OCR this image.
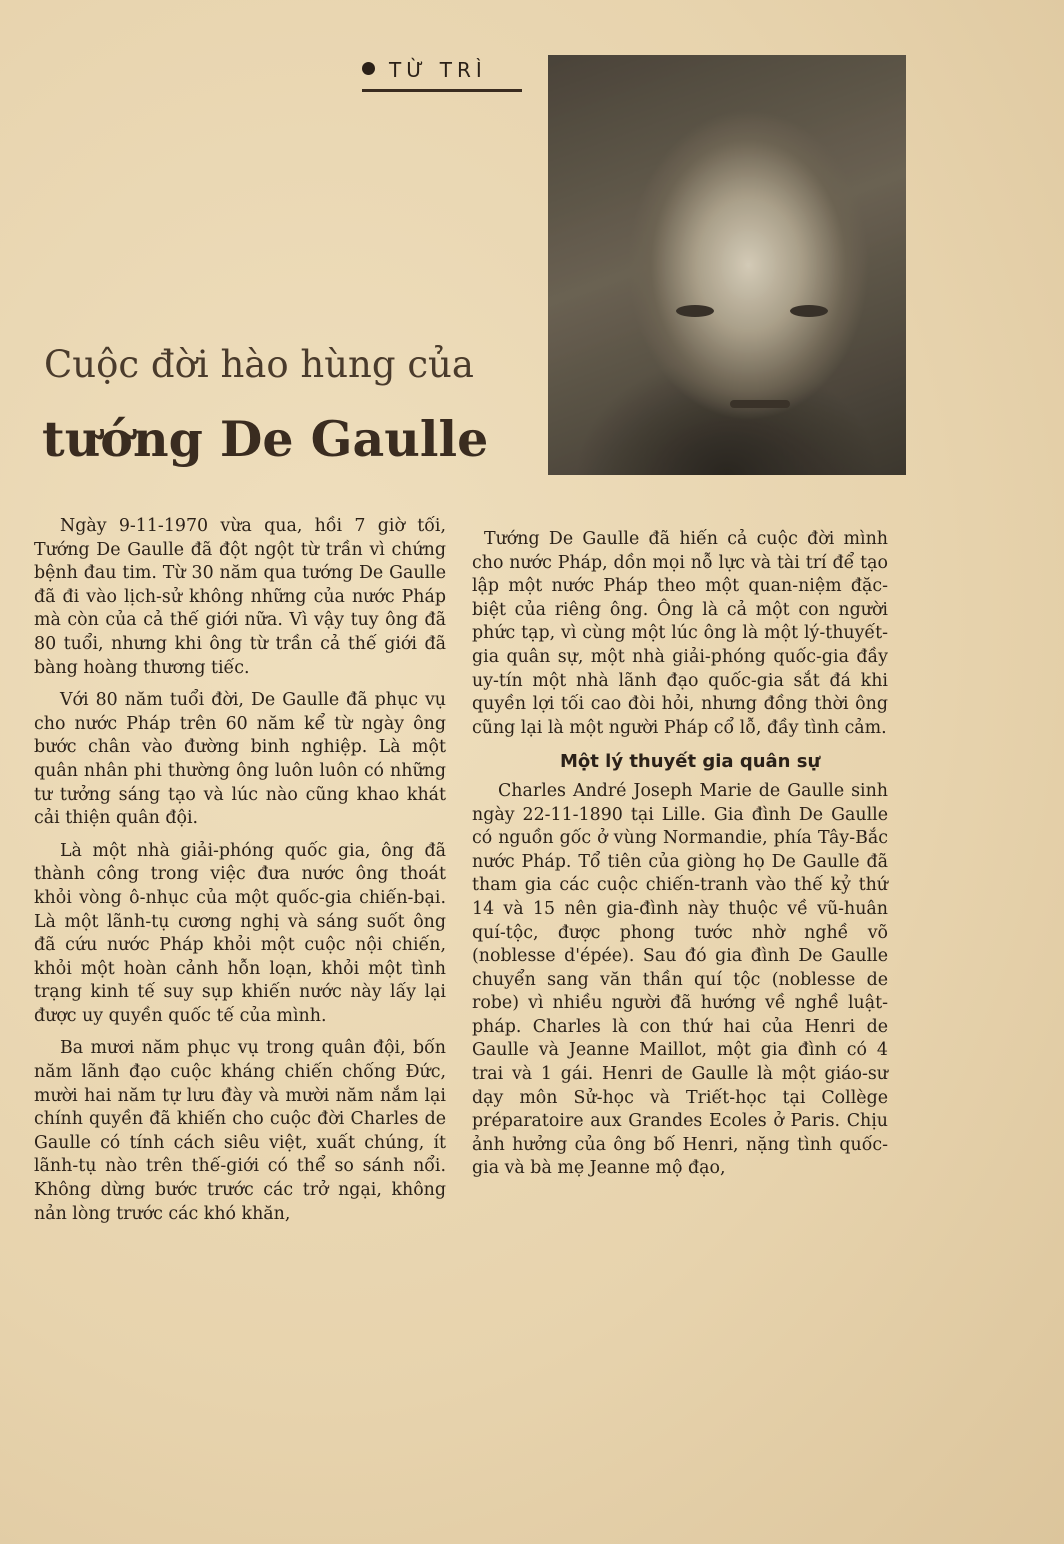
TỪ TRÌ
Cuộc đời hào hùng của
tướng De Gaulle

Ngày 9-11-1970 vừa qua, hồi 7 giờ tối, Tướng De Gaulle đã đột ngột từ trần vì chứng bệnh đau tim. Từ 30 năm qua tướng De Gaulle đã đi vào lịch-sử không những của nước Pháp mà còn của cả thế giới nữa. Vì vậy tuy ông đã 80 tuổi, nhưng khi ông từ trần cả thế giới đã bàng hoàng thương tiếc.

Với 80 năm tuổi đời, De Gaulle đã phục vụ cho nước Pháp trên 60 năm kể từ ngày ông bước chân vào đường binh nghiệp. Là một quân nhân phi thường ông luôn luôn có những tư tưởng sáng tạo và lúc nào cũng khao khát cải thiện quân đội.

Là một nhà giải-phóng quốc gia, ông đã thành công trong việc đưa nước ông thoát khỏi vòng ô-nhục của một quốc-gia chiến-bại. Là một lãnh-tụ cương nghị và sáng suốt ông đã cứu nước Pháp khỏi một cuộc nội chiến, khỏi một hoàn cảnh hỗn loạn, khỏi một tình trạng kinh tế suy sụp khiến nước này lấy lại được uy quyền quốc tế của mình.

Ba mươi năm phục vụ trong quân đội, bốn năm lãnh đạo cuộc kháng chiến chống Đức, mười hai năm tự lưu đày và mười năm nắm lại chính quyền đã khiến cho cuộc đời Charles de Gaulle có tính cách siêu việt, xuất chúng, ít lãnh-tụ nào trên thế-giới có thể so sánh nổi. Không dừng bước trước các trở ngại, không nản lòng trước các khó khăn,

Tướng De Gaulle đã hiến cả cuộc đời mình cho nước Pháp, dồn mọi nỗ lực và tài trí để tạo lập một nước Pháp theo một quan-niệm đặc-biệt của riêng ông. Ông là cả một con người phức tạp, vì cùng một lúc ông là một lý-thuyết-gia quân sự, một nhà giải-phóng quốc-gia đầy uy-tín một nhà lãnh đạo quốc-gia sắt đá khi quyền lợi tối cao đòi hỏi, nhưng đồng thời ông cũng lại là một người Pháp cổ lỗ, đầy tình cảm.

Một lý thuyết gia quân sự

Charles André Joseph Marie de Gaulle sinh ngày 22-11-1890 tại Lille. Gia đình De Gaulle có nguồn gốc ở vùng Normandie, phía Tây-Bắc nước Pháp. Tổ tiên của giòng họ De Gaulle đã tham gia các cuộc chiến-tranh vào thế kỷ thứ 14 và 15 nên gia-đình này thuộc về vũ-huân quí-tộc, được phong tước nhờ nghề võ (noblesse d'épée). Sau đó gia đình De Gaulle chuyển sang văn thần quí tộc (noblesse de robe) vì nhiều người đã hướng về nghề luật-pháp. Charles là con thứ hai của Henri de Gaulle và Jeanne Maillot, một gia đình có 4 trai và 1 gái. Henri de Gaulle là một giáo-sư dạy môn Sử-học và Triết-học tại Collège préparatoire aux Grandes Ecoles ở Paris. Chịu ảnh hưởng của ông bố Henri, nặng tình quốc-gia và bà mẹ Jeanne mộ đạo,
